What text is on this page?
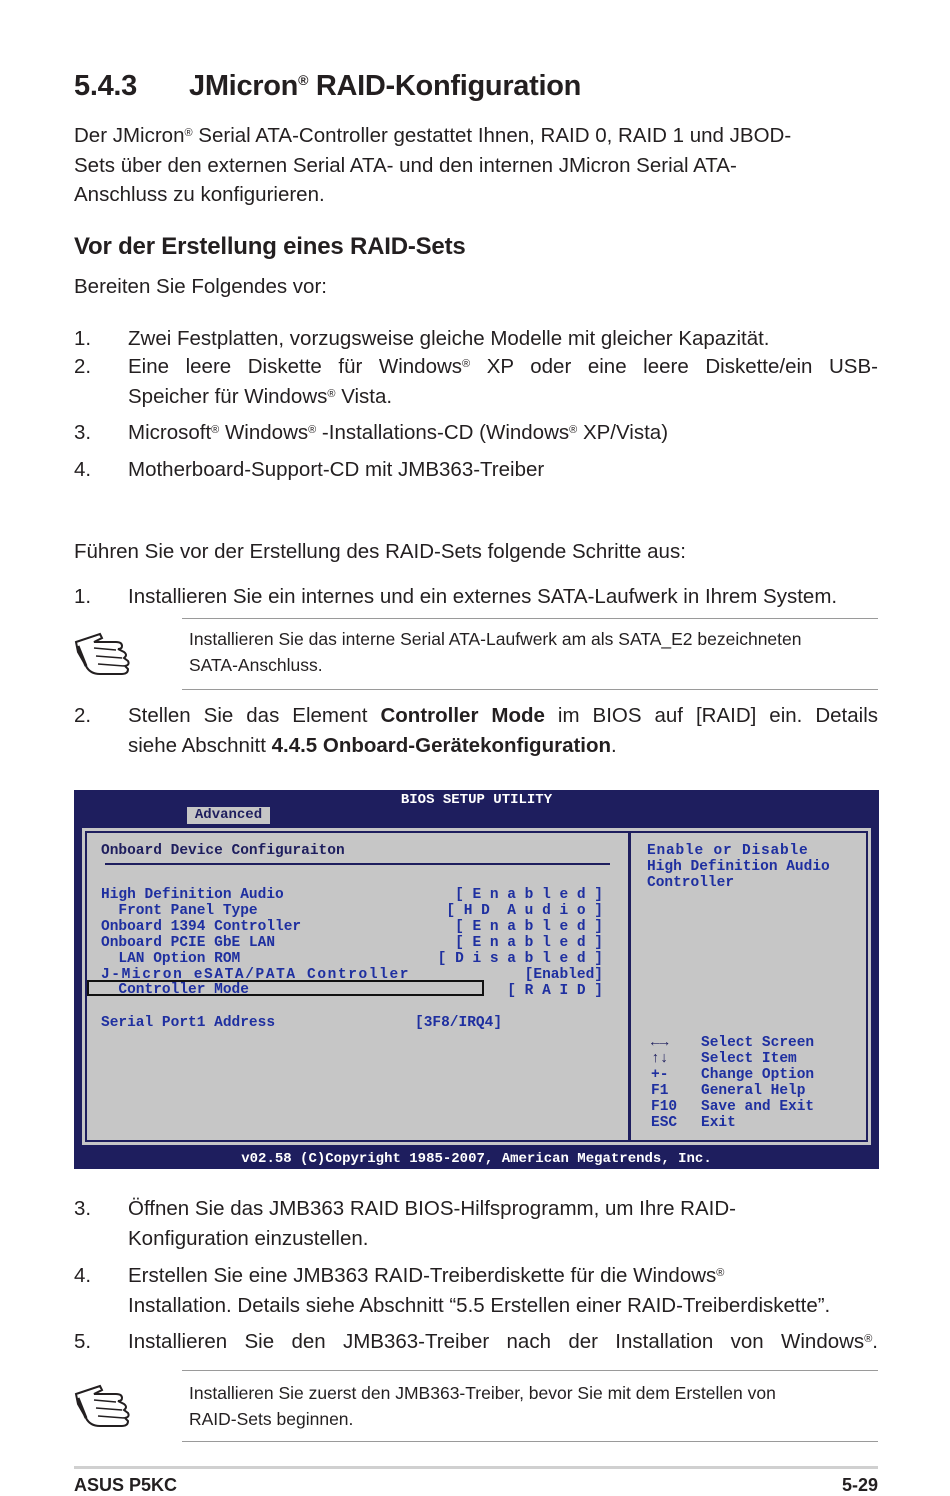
5.4.3 JMicron® RAID-Konfiguration
Der JMicron® Serial ATA-Controller gestattet Ihnen, RAID 0, RAID 1 und JBOD-
Sets über den externen Serial ATA- und den internen JMicron Serial ATA-
Anschluss zu konfigurieren.
Vor der Erstellung eines RAID-Sets
Bereiten Sie Folgendes vor:
1. Zwei Festplatten, vorzugsweise gleiche Modelle mit gleicher Kapazität.
2. Eine leere Diskette für Windows® XP oder eine leere Diskette/ein USB-
Speicher für Windows® Vista.
3. Microsoft® Windows® -Installations-CD (Windows® XP/Vista)
4. Motherboard-Support-CD mit JMB363-Treiber
Führen Sie vor der Erstellung des RAID-Sets folgende Schritte aus:
1. Installieren Sie ein internes und ein externes SATA-Laufwerk in Ihrem System.
Installieren Sie das interne Serial ATA-Laufwerk am als SATA_E2 bezeichneten
SATA-Anschluss.
2. Stellen Sie das Element Controller Mode im BIOS auf [RAID] ein. Details
siehe Abschnitt 4.4.5 Onboard-Gerätekonfiguration.
BIOS SETUP UTILITY
Advanced
Onboard Device Configuraiton
High Definition Audio	[ E n a b l e d ]
Front Panel Type	[ H D  A u d i o ]
Onboard 1394 Controller	[ E n a b l e d ]
Onboard PCIE GbE LAN	[ E n a b l e d ]
LAN Option ROM	[ D i s a b l e d ]
J-Micron eSATA/PATA Controller	[Enabled]
Controller Mode	[ R A I D ]
Serial Port1 Address	[3F8/IRQ4]
Enable or Disable
High Definition Audio
Controller
←→ Select Screen
↑↓ Select Item
+- Change Option
F1 General Help
F10 Save and Exit
ESC Exit
v02.58 (C)Copyright 1985-2007, American Megatrends, Inc.
3. Öffnen Sie das JMB363 RAID BIOS-Hilfsprogramm, um Ihre RAID-
Konfiguration einzustellen.
4. Erstellen Sie eine JMB363 RAID-Treiberdiskette für die Windows®
Installation. Details siehe Abschnitt “5.5 Erstellen einer RAID-Treiberdiskette”.
5. Installieren Sie den JMB363-Treiber nach der Installation von Windows®.
Installieren Sie zuerst den JMB363-Treiber, bevor Sie mit dem Erstellen von
RAID-Sets beginnen.
ASUS P5KC	5-29
